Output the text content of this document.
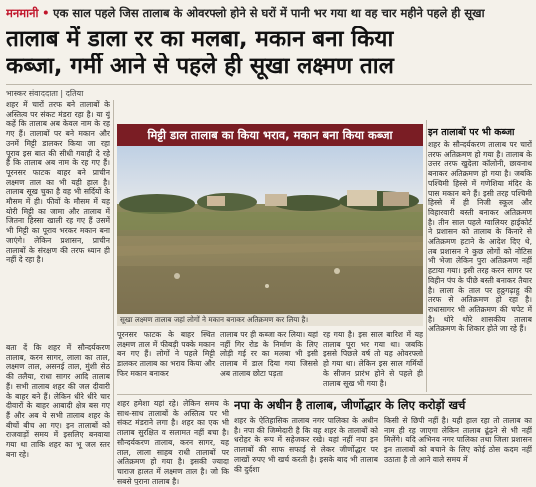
मनमानी • एक साल पहले जिस तालाब के ओवरफ्लो होने से घरों में पानी भर गया था वह चार महीने पहले ही सूखा
तालाब में डाला रर का मलबा, मकान बना किया
कब्जा, गर्मी आने से पहले ही सूखा लक्ष्मण ताल
भास्कर संवाददाता | दतिया
शहर में चारों तरफ बने तालाबों के अस्तित्व पर संकट मंडरा रहा है। या यूं कहें कि तालाब अब केवल नाम के रह गए हैं। तालाबों पर बने मकान और उनमें मिट्टी डालकर किया जा रहा पूराव इस बात की सीधी गवाही दे रहे हैं कि तालाब अब नाम के रह गए हैं। पूरनसर फाटक बाहर बने प्राचीन लक्ष्मण ताल का भी यही हाल है। तालाब सूख चुका है वह भी सर्दियों के मौसम में ही। फीवों के मौसम में यह योरी मिट्टी का जामा और तालाब में जितना हिस्सा खाली रह गए हैं उसमें भी मिट्टी का पूराव भरकर मकान बना जाएंगे। लेकिन प्रशासन, प्राचीन तालाबों के संरक्षण की तरफ ध्यान ही नहीं दे रहा है।
बता दें कि शहर में सौन्दर्यकरण तालाब, करन सागर, लाला का ताल, लक्ष्मण ताल, असनई ताल, मुंशी सेठ की तलैया, राधा सागर आदि तालाब हैं। सभी तालाब शहर की जल दीवारी के बाहर बने हैं। लेकिन धीरे धीरे चार दीवारों के बाहर आबादी क्षेत्र बस गए हैं और अब ये सभी तालाब शहर के बीचों बीच आ गए। इन तालाबों को राजवाड़ों समय में इसलिए बनवाया गया था ताकि शहर का भू जल स्तर बना रहे।
मिट्टी डाल तालाब का किया भराव, मकान बना किया कब्जा
सूखा लक्ष्मण तालाब जहां लोगों ने मकान बनाकर अतिक्रमण कर लिया है।
पूरनसर फाटक के बाहर स्थित लक्ष्मण ताल में फीबड़ी पक्के मकान बन गए हैं। लोगों ने पहले मिट्टी डालकर तालाब का भराव किया और फिर मकान बनाकर
तालाब पर ही कब्जा कर लिया। यहां नहीं गिर रोड के निर्माण के लिए लोड़ी गई रर का मलबा भी इसी तालाब में डाल दिया गया जिससे अब तालाब छोटा पड़ता
रह गया है। इस साल बारिश में यह तालाब पूरा भर गया था। जबकि इससे पिछले वर्ष तो यह ओवरफ्लो हो गया था। लेकिन इस साल गर्मियों के सीजन प्रारंभ होने से पहले ही तालाब सूख भी गया है।
इन तालाबों पर भी कब्जा
शहर के सौन्दर्यकरण तालाब पर चारों तरफ अतिक्रमण हो गया है। तालाब के उत्तर तरफ खुदेला कॉलोनी, छावनाथ बनाकर अतिक्रमण हो गया है। जबकि पश्चिमी हिस्से में गणेशिया मंदिर के पास मकान बने हैं। इसी तरह पश्चिमी हिस्से में ही निजी स्कूल और विहारवारी बस्ती बनाकर अतिक्रमण है। तीन साल पहले ग्वालियर हाईकोर्ट ने प्रशासन को तालाब के किनारे से अतिक्रमण हटाने के आदेश दिए थे, तब प्रशासन ने कुछ लोगों को नोटिस भी भेजा लेकिन पुरा अतिक्रमण नहीं हटाया गया। इसी तरह करन सागर पर विहीन पंप के पीछे बस्ती बनाकर तैयार है। लाला के ताल पर हठ्ठगढ़ाहु की तरफ से अतिक्रमण हो रहा है। राधासागर भी अतिक्रमण की चपेट में है। थोरे थोरे शासकीय तालाब अतिक्रमण के शिकार होते जा रहे हैं।
नपा के अधीन है तालाब, जीर्णोद्धार के लिए करोड़ों खर्च
शहर हमेशा यहां रहे। लेकिन समय के साथ-साथ तालाबों के अस्तित्व पर भी संकट मंडराने लगा है। शहर का एक भी तालाब सुरक्षित व सलामत नहीं बचा है। सौन्दर्यकरण तालाब, करन सागर, यह ताल, लाला साहब राधी तालाबों पर अतिक्रमण हो गया है। इसकी ज्यादा चाराज हालत में लक्ष्मण ताल है। जो कि सबसे पुराना तालाब है।
शहर के ऐतिहासिक तालाब नगर पालिका के अधीन है। नपा की जिम्मेदारी है कि वह शहर के तालाबों को धरोहर के रूप में सहेजकर रखे। यहां नहीं नपा इन तालाबों की साफ सफाई से लेकर जीर्णोद्धार पर लाखों रुपए भी खर्च करती है। इसके बाद भी तालाब की दुर्दशा
किसी से छिपी नहीं है। यही हाल रहा तो तालाब का नाम ही रह जाएगा लेकिन तालाब ढूंढ़ने से भी नहीं मिलेंगे। यदि अभिनव नगर पालिका तथा जिला प्रशासन इन तालाबों को बचाने के लिए कोई ठोस कदम नहीं उठाता है तो आने वाले समय में
